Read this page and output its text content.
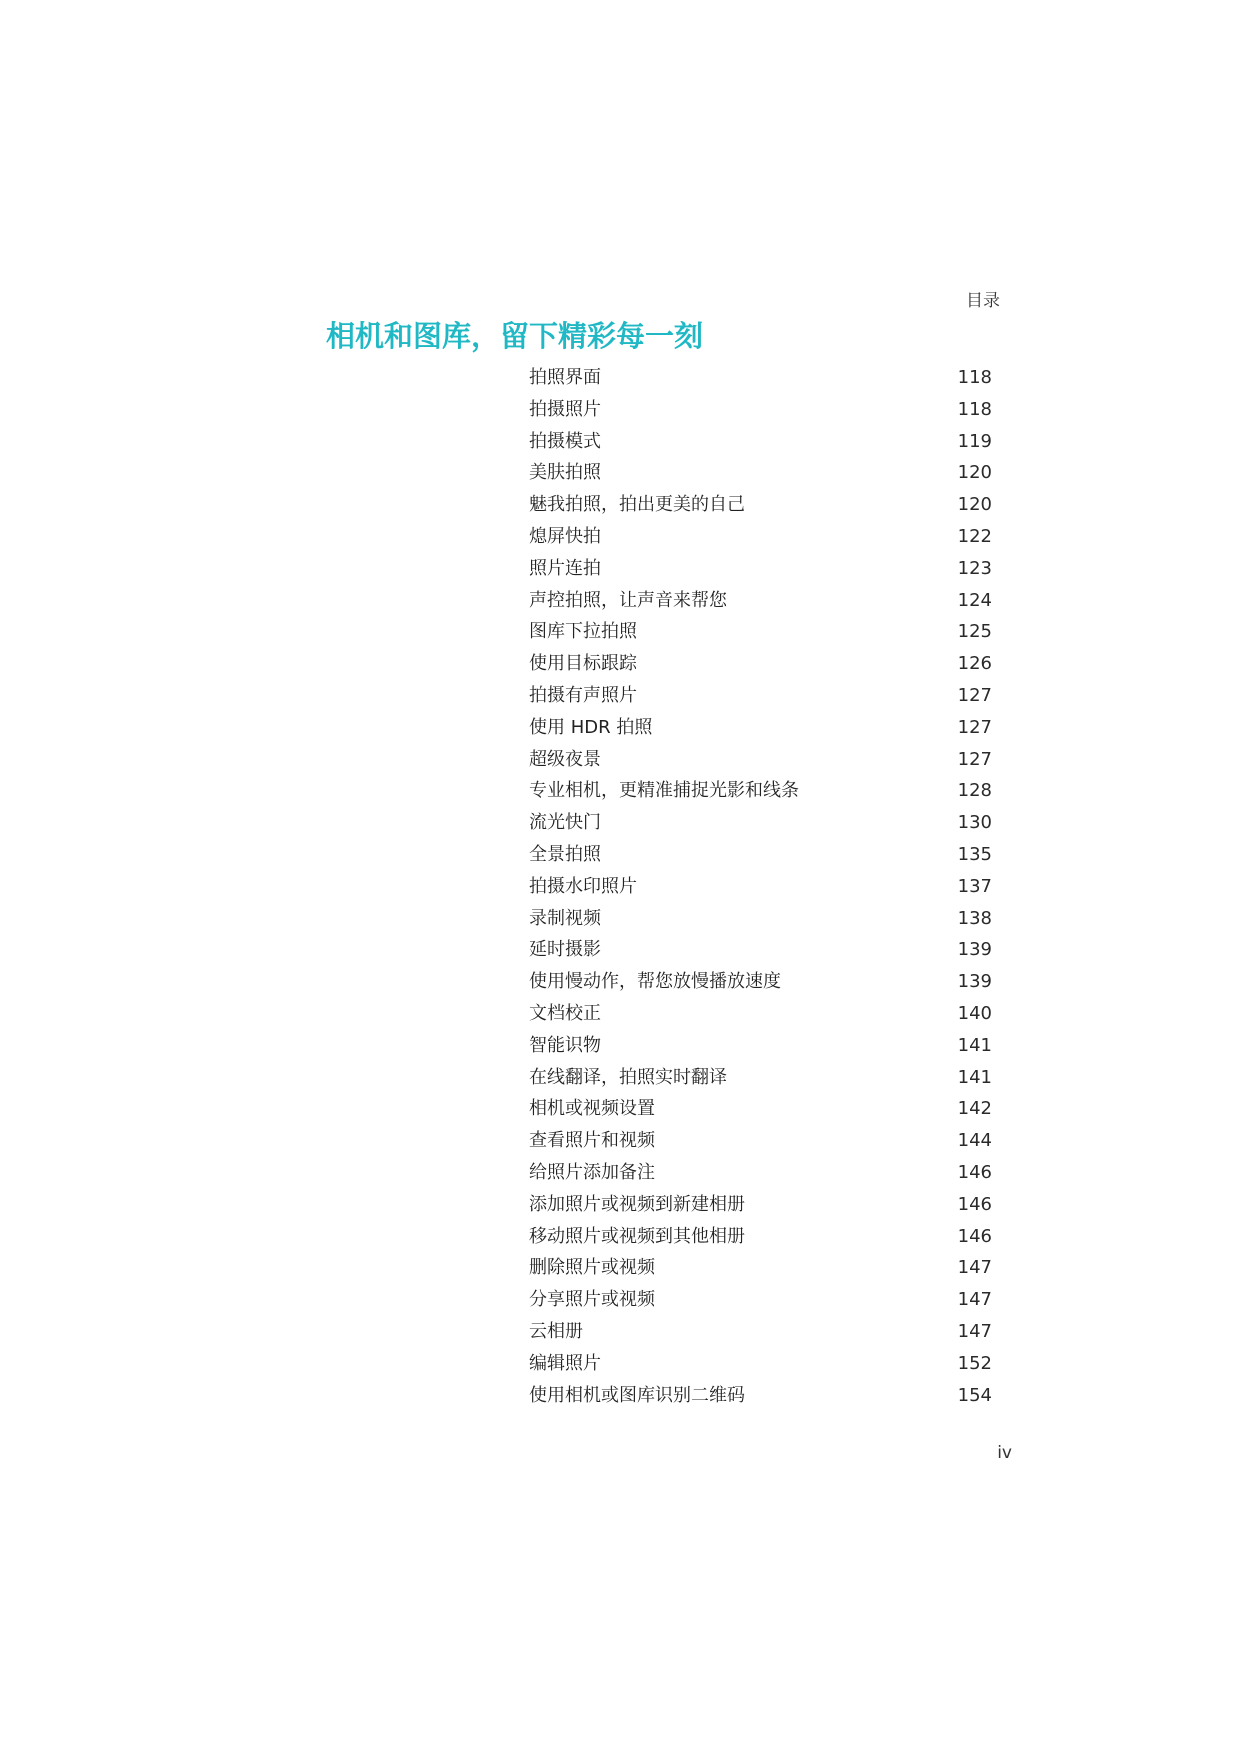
目录
相机和图库，留下精彩每一刻
拍照界面	118
拍摄照片	118
拍摄模式	119
美肤拍照	120
魅我拍照，拍出更美的自己	120
熄屏快拍	122
照片连拍	123
声控拍照，让声音来帮您	124
图库下拉拍照	125
使用目标跟踪	126
拍摄有声照片	127
使用 HDR 拍照	127
超级夜景	127
专业相机，更精准捕捉光影和线条	128
流光快门	130
全景拍照	135
拍摄水印照片	137
录制视频	138
延时摄影	139
使用慢动作，帮您放慢播放速度	139
文档校正	140
智能识物	141
在线翻译，拍照实时翻译	141
相机或视频设置	142
查看照片和视频	144
给照片添加备注	146
添加照片或视频到新建相册	146
移动照片或视频到其他相册	146
删除照片或视频	147
分享照片或视频	147
云相册	147
编辑照片	152
使用相机或图库识别二维码	154
iv
